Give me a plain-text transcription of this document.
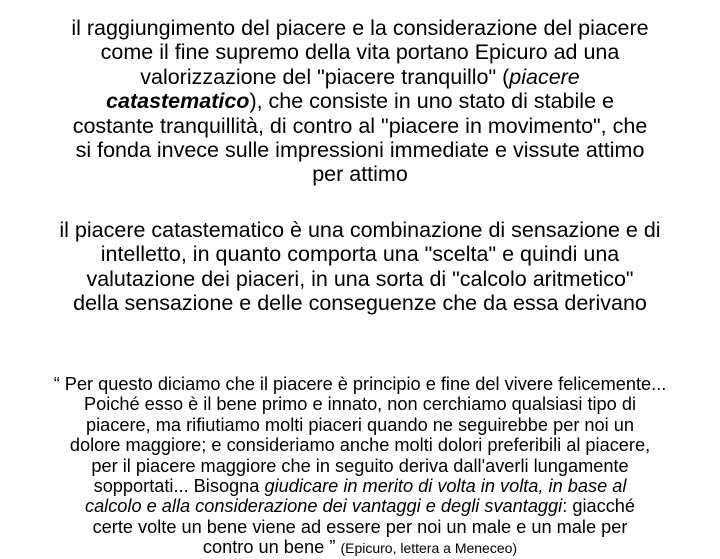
il raggiungimento del piacere e la considerazione del piacere
come il fine supremo della vita portano Epicuro ad una
valorizzazione del "piacere tranquillo" (piacere
catastematico), che consiste in uno stato di stabile e
costante tranquillità, di contro al "piacere in movimento", che
si fonda invece sulle impressioni immediate e vissute attimo
per attimo
il piacere catastematico è una combinazione di sensazione e di
intelletto, in quanto comporta una "scelta" e quindi una
valutazione dei piaceri, in una sorta di "calcolo aritmetico"
della sensazione e delle conseguenze che da essa derivano
“ Per questo diciamo che il piacere è principio e fine del vivere felicemente...
Poiché esso è il bene primo e innato, non cerchiamo qualsiasi tipo di
piacere, ma rifiutiamo molti piaceri quando ne seguirebbe per noi un
dolore maggiore; e consideriamo anche molti dolori preferibili al piacere,
per il piacere maggiore che in seguito deriva dall'averli lungamente
sopportati... Bisogna giudicare in merito di volta in volta, in base al
calcolo e alla considerazione dei vantaggi e degli svantaggi: giacché
certe volte un bene viene ad essere per noi un male e un male per
contro un bene ” (Epicuro, lettera a Meneceo)
